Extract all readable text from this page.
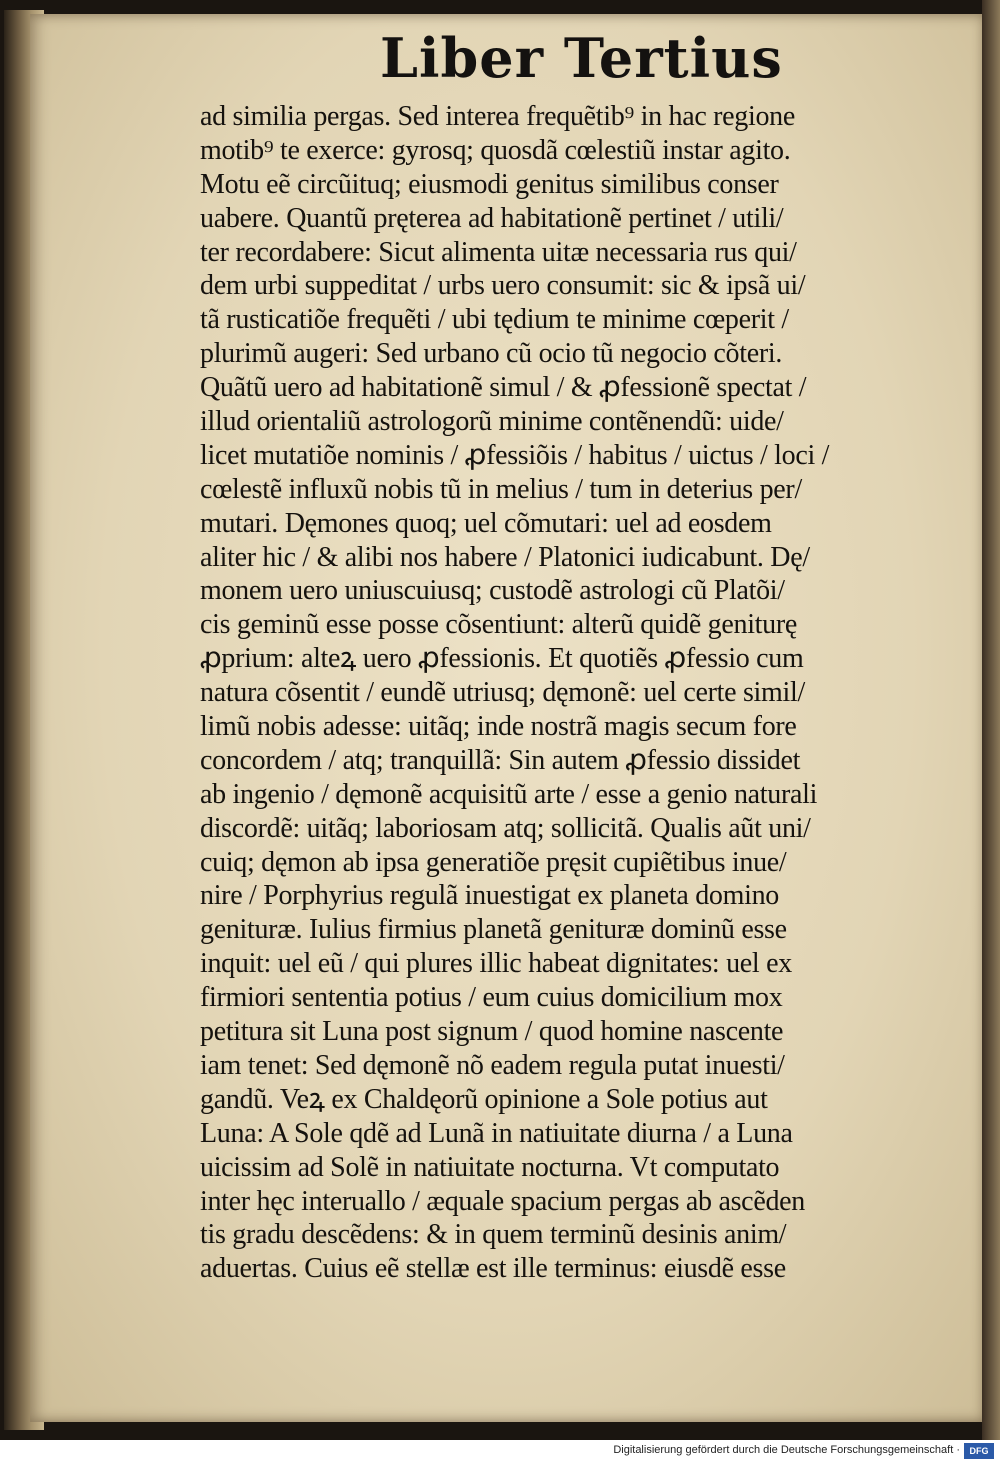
Liber Tertius
ad similia pergas. Sed interea frequẽtib⁹ in hac regione
motib⁹ te exerce: gyrosq; quosdã cœlestiũ instar agito.
Motu eẽ circũituq; eiusmodi genitus similibus conser
uabere. Quantũ pręterea ad habitationẽ pertinet / utili/
ter recordabere: Sicut alimenta uitæ necessaria rus qui/
dem urbi suppeditat / urbs uero consumit: sic & ipsã ui/
tã rusticatiõe frequẽti / ubi tędium te minime cœperit /
plurimũ augeri: Sed urbano cũ ocio tũ negocio cõteri.
Quãtũ uero ad habitationẽ simul / & ꝓfessionẽ spectat /
illud orientaliũ astrologorũ minime contẽnendũ: uide/
licet mutatiõe nominis / ꝓfessiõis / habitus / uictus / loci /
cœlestẽ influxũ nobis tũ in melius / tum in deterius per/
mutari. Dęmones quoq; uel cõmutari: uel ad eosdem
aliter hic / & alibi nos habere / Platonici iudicabunt. Dę/
monem uero uniuscuiusq; custodẽ astrologi cũ Platõi/
cis geminũ esse posse cõsentiunt: alterũ quidẽ geniturę
ꝓprium: alteꝝ uero ꝓfessionis. Et quotiẽs ꝓfessio cum
natura cõsentit / eundẽ utriusq; dęmonẽ: uel certe simil/
limũ nobis adesse: uitãq; inde nostrã magis secum fore
concordem / atq; tranquillã: Sin autem ꝓfessio dissidet
ab ingenio / dęmonẽ acquisitũ arte / esse a genio naturali
discordẽ: uitãq; laboriosam atq; sollicitã. Qualis aũt uni/
cuiq; dęmon ab ipsa generatiõe pręsit cupiẽtibus inue/
nire / Porphyrius regulã inuestigat ex planeta domino
genituræ. Iulius firmius planetã genituræ dominũ esse
inquit: uel eũ / qui plures illic habeat dignitates: uel ex
firmiori sententia potius / eum cuius domicilium mox
petitura sit Luna post signum / quod homine nascente
iam tenet: Sed dęmonẽ nõ eadem regula putat inuesti/
gandũ. Veꝝ ex Chaldęorũ opinione a Sole potius aut
Luna: A Sole qdẽ ad Lunã in natiuitate diurna / a Luna
uicissim ad Solẽ in natiuitate nocturna. Vt computato
inter hęc interuallo / æquale spacium pergas ab ascẽden
tis gradu descẽdens: & in quem terminũ desinis anim/
aduertas. Cuius eẽ stellæ est ille terminus: eiusdẽ esse
Digitalisierung gefördert durch die Deutsche Forschungsgemeinschaft ·	DFG
